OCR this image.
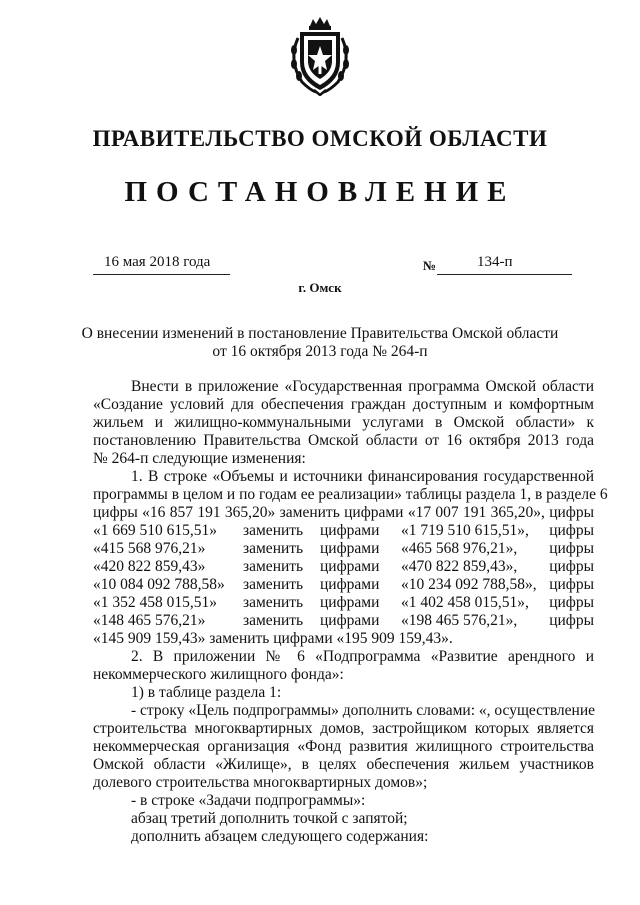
ПРАВИТЕЛЬСТВО ОМСКОЙ ОБЛАСТИ
ПОСТАНОВЛЕНИЕ
16 мая 2018 года	№	134-п
г. Омск
О внесении изменений в постановление Правительства Омской области
от 16 октября 2013 года № 264-п
Внести в приложение «Государственная программа Омской области
«Создание условий для обеспечения граждан доступным и комфортным
жильем и жилищно-коммунальными услугами в Омской области» к
постановлению Правительства Омской области от 16 октября 2013 года
№ 264-п следующие изменения:
1. В строке «Объемы и источники финансирования государственной
программы в целом и по годам ее реализации» таблицы раздела 1, в разделе 6
цифры «16 857 191 365,20» заменить цифрами «17 007 191 365,20», цифры
«1 669 510 615,51» заменить цифрами «1 719 510 615,51», цифры
«415 568 976,21» заменить цифрами «465 568 976,21», цифры
«420 822 859,43» заменить цифрами «470 822 859,43», цифры
«10 084 092 788,58» заменить цифрами «10 234 092 788,58», цифры
«1 352 458 015,51» заменить цифрами «1 402 458 015,51», цифры
«148 465 576,21» заменить цифрами «198 465 576,21», цифры
«145 909 159,43» заменить цифрами «195 909 159,43».
2. В приложении № 6 «Подпрограмма «Развитие арендного и
некоммерческого жилищного фонда»:
1) в таблице раздела 1:
- строку «Цель подпрограммы» дополнить словами: «, осуществление
строительства многоквартирных домов, застройщиком которых является
некоммерческая организация «Фонд развития жилищного строительства
Омской области «Жилище», в целях обеспечения жильем участников
долевого строительства многоквартирных домов»;
- в строке «Задачи подпрограммы»:
абзац третий дополнить точкой с запятой;
дополнить абзацем следующего содержания:
